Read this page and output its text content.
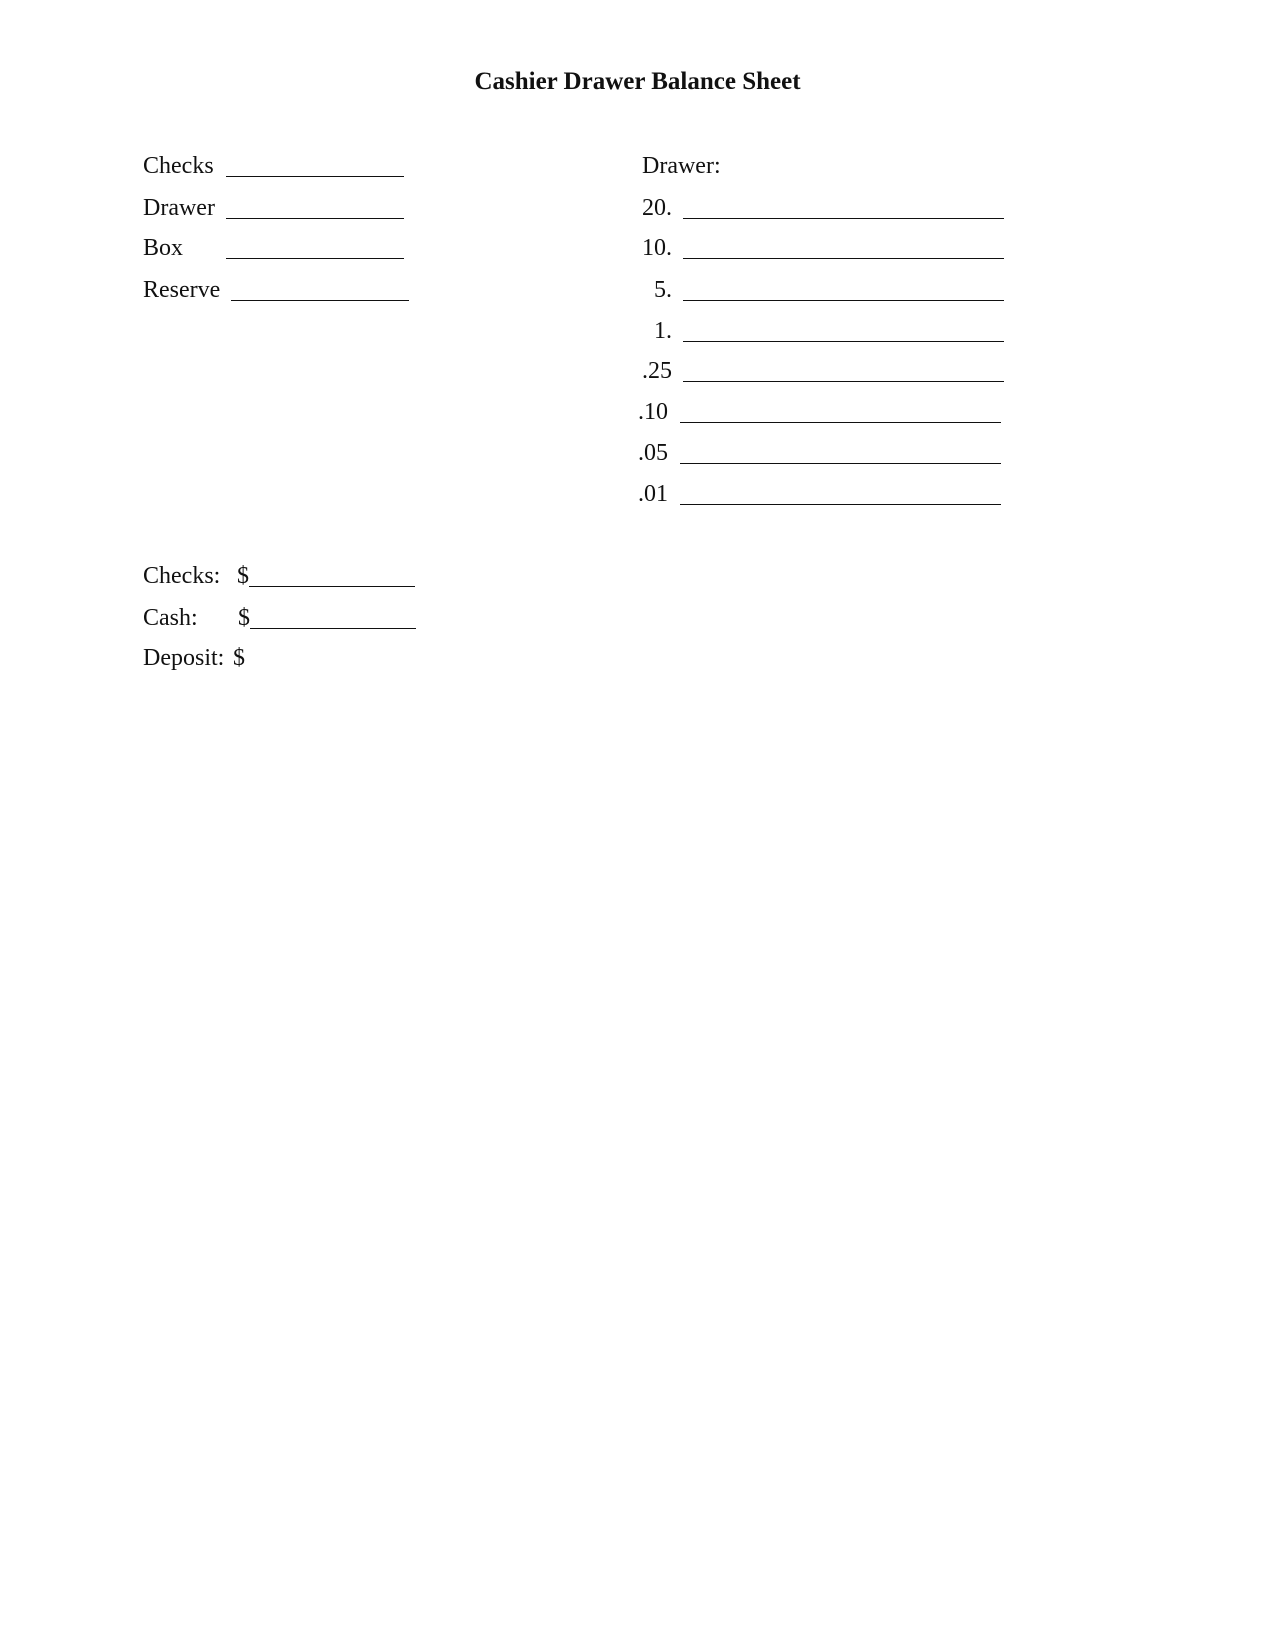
Cashier Drawer Balance Sheet
Checks
Drawer
Box
Reserve
Drawer:
20.
10.
5.
1.
.25
.10
.05
.01
Checks: $
Cash: $
Deposit: $
